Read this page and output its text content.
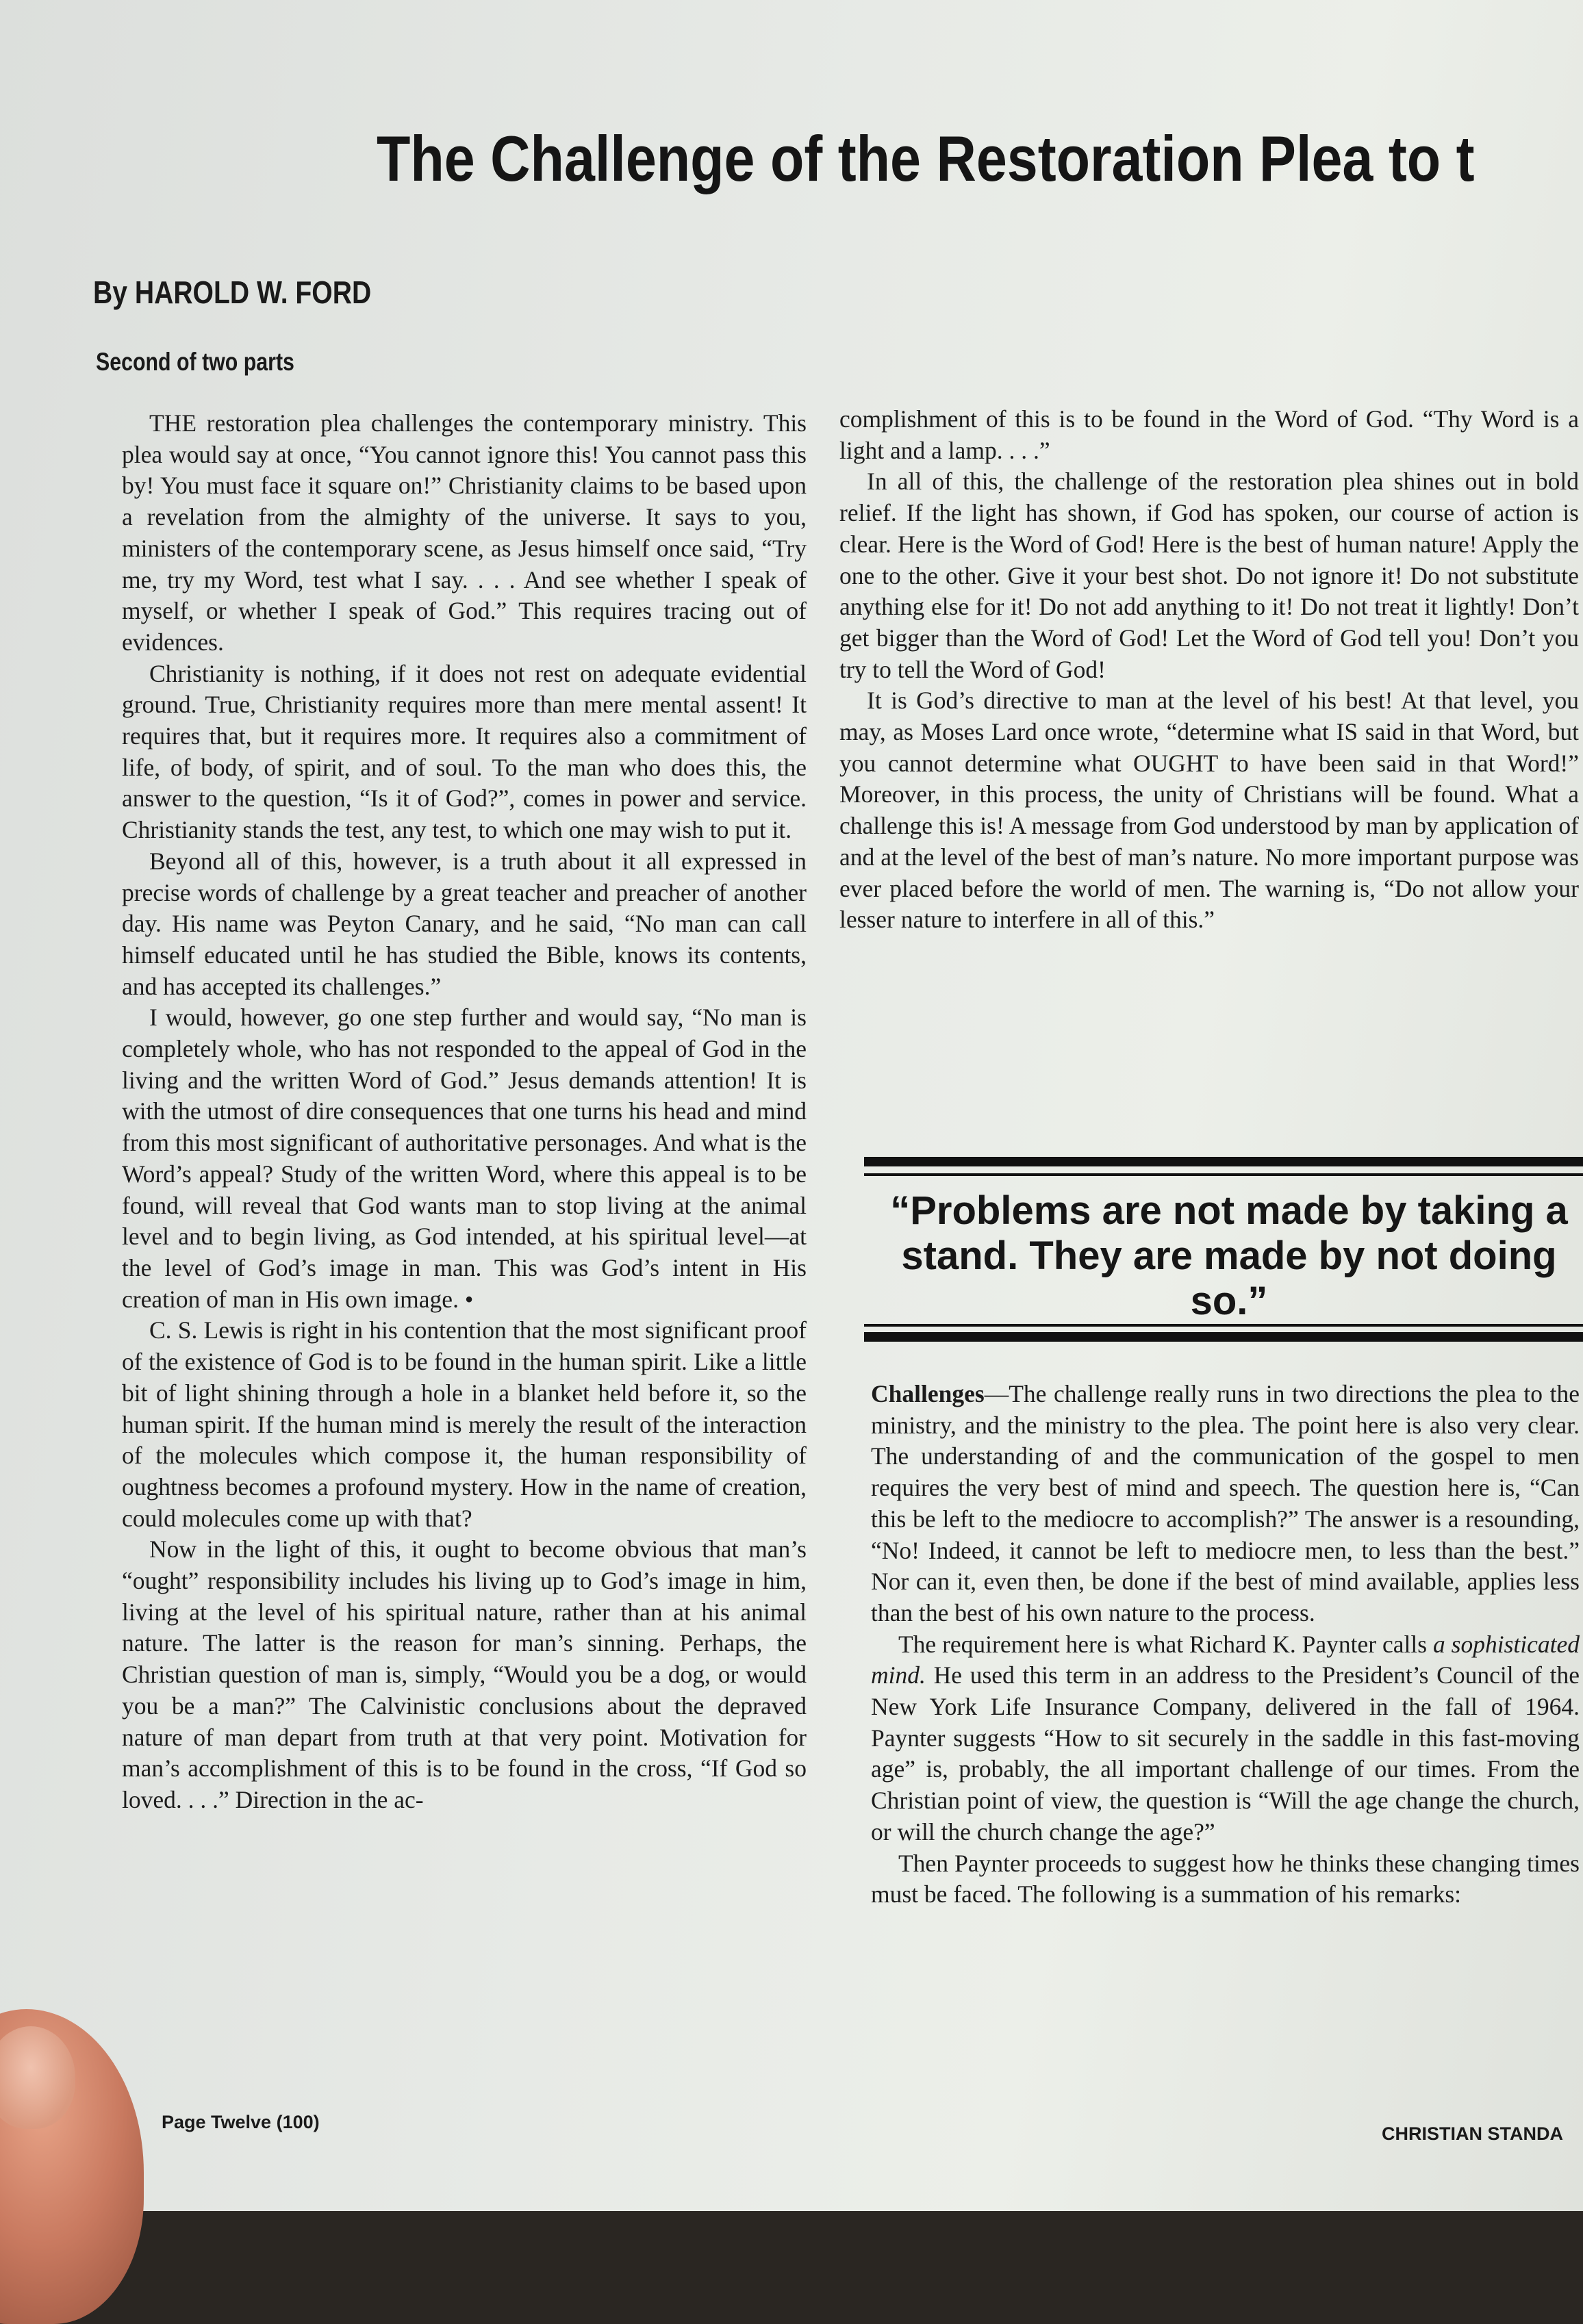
The Challenge of the Restoration Plea to t
By HAROLD W. FORD
Second of two parts

THE restoration plea challenges the contemporary ministry. This plea would say at once, “You cannot ignore this! You cannot pass this by! You must face it square on!” Christianity claims to be based upon a revelation from the almighty of the universe. It says to you, ministers of the contemporary scene, as Jesus himself once said, “Try me, try my Word, test what I say. . . . And see whether I speak of myself, or whether I speak of God.” This requires tracing out of evidences.

Christianity is nothing, if it does not rest on adequate evidential ground. True, Christianity requires more than mere mental assent! It requires that, but it requires more. It requires also a commitment of life, of body, of spirit, and of soul. To the man who does this, the answer to the question, “Is it of God?”, comes in power and service. Christianity stands the test, any test, to which one may wish to put it.

Beyond all of this, however, is a truth about it all expressed in precise words of challenge by a great teacher and preacher of another day. His name was Peyton Canary, and he said, “No man can call himself educated until he has studied the Bible, knows its contents, and has accepted its challenges.”

I would, however, go one step further and would say, “No man is completely whole, who has not responded to the appeal of God in the living and the written Word of God.” Jesus demands attention! It is with the utmost of dire consequences that one turns his head and mind from this most significant of authoritative personages. And what is the Word’s appeal? Study of the written Word, where this appeal is to be found, will reveal that God wants man to stop living at the animal level and to begin living, as God intended, at his spiritual level—at the level of God’s image in man. This was God’s intent in His creation of man in His own image. •

C. S. Lewis is right in his contention that the most significant proof of the existence of God is to be found in the human spirit. Like a little bit of light shining through a hole in a blanket held before it, so the human spirit. If the human mind is merely the result of the interaction of the molecules which compose it, the human responsibility of oughtness becomes a profound mystery. How in the name of creation, could molecules come up with that?

Now in the light of this, it ought to become obvious that man’s “ought” responsibility includes his living up to God’s image in him, living at the level of his spiritual nature, rather than at his animal nature. The latter is the reason for man’s sinning. Perhaps, the Christian question of man is, simply, “Would you be a dog, or would you be a man?” The Calvinistic conclusions about the depraved nature of man depart from truth at that very point. Motivation for man’s accomplishment of this is to be found in the cross, “If God so loved. . . .” Direction in the ac-

complishment of this is to be found in the Word of God. “Thy Word is a light and a lamp. . . .”

In all of this, the challenge of the restoration plea shines out in bold relief. If the light has shown, if God has spoken, our course of action is clear. Here is the Word of God! Here is the best of human nature! Apply the one to the other. Give it your best shot. Do not ignore it! Do not substitute anything else for it! Do not add anything to it! Do not treat it lightly! Don’t get bigger than the Word of God! Let the Word of God tell you! Don’t you try to tell the Word of God!

It is God’s directive to man at the level of his best! At that level, you may, as Moses Lard once wrote, “determine what IS said in that Word, but you cannot determine what OUGHT to have been said in that Word!” Moreover, in this process, the unity of Christians will be found. What a challenge this is! A message from God understood by man by application of and at the level of the best of man’s nature. No more important purpose was ever placed before the world of men. The warning is, “Do not allow your lesser nature to interfere in all of this.”

“Problems are not made by taking a stand. They are made by not doing so.”

Challenges—The challenge really runs in two directions the plea to the ministry, and the ministry to the plea. The point here is also very clear. The understanding of and the communication of the gospel to men requires the very best of mind and speech. The question here is, “Can this be left to the mediocre to accomplish?” The answer is a resounding, “No! Indeed, it cannot be left to mediocre men, to less than the best.” Nor can it, even then, be done if the best of mind available, applies less than the best of his own nature to the process.

The requirement here is what Richard K. Paynter calls a sophisticated mind. He used this term in an address to the President’s Council of the New York Life Insurance Company, delivered in the fall of 1964. Paynter suggests “How to sit securely in the saddle in this fast-moving age” is, probably, the all important challenge of our times. From the Christian point of view, the question is “Will the age change the church, or will the church change the age?”

Then Paynter proceeds to suggest how he thinks these changing times must be faced. The following is a summation of his remarks:

Page Twelve (100)
CHRISTIAN STANDA
